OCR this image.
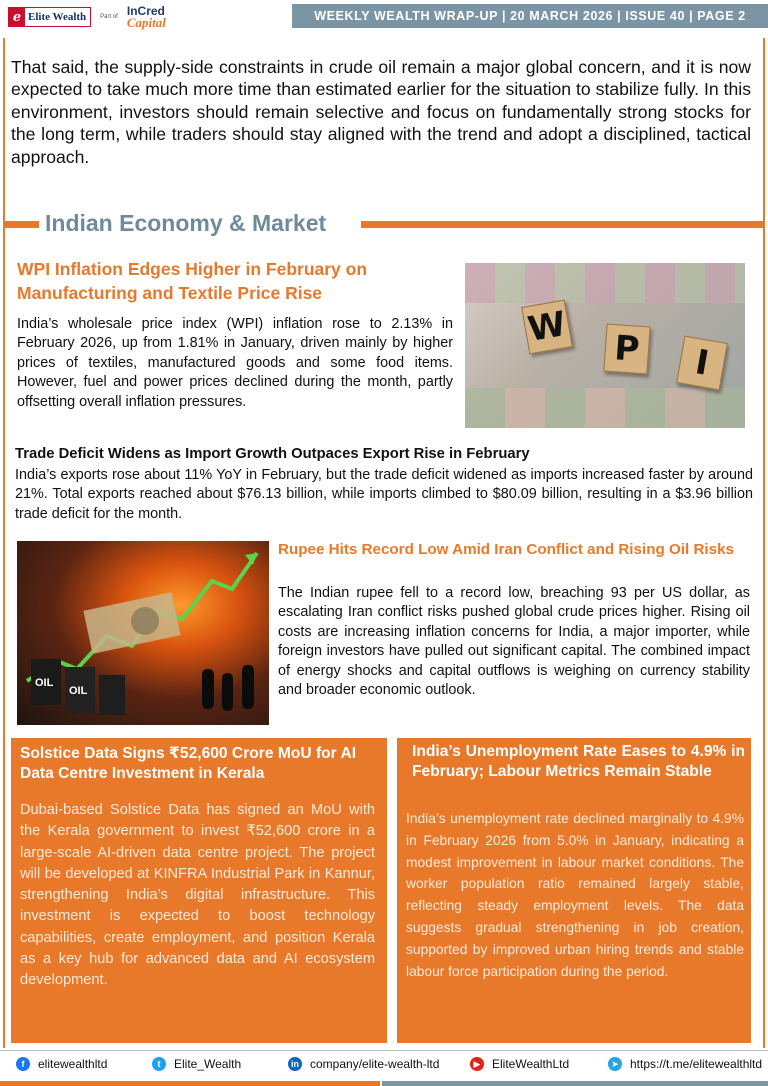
e Elite Wealth Part of InCred
Capital	WEEKLY WEALTH WRAP-UP | 20 MARCH 2026 | ISSUE 40 | PAGE 2

That said, the supply-side constraints in crude oil remain a major global concern, and it is now expected to take much more time than estimated earlier for the situation to stabilize fully. In this environment, investors should remain selective and focus on fundamentally strong stocks for the long term, while traders should stay aligned with the trend and adopt a disciplined, tactical approach.

Indian Economy & Market
WPI Inflation Edges Higher in February on Manufacturing and Textile Price Rise

India’s wholesale price index (WPI) inflation rose to 2.13% in February 2026, up from 1.81% in January, driven mainly by higher prices of textiles, manufactured goods and some food items. However, fuel and power prices declined during the month, partly offsetting overall inflation pressures.

W P	I
Trade Deficit Widens as Import Growth Outpaces Export Rise in February

India’s exports rose about 11% YoY in February, but the trade deficit widened as imports increased faster by around 21%. Total exports reached about $76.13 billion, while imports climbed to $80.09 billion, resulting in a $3.96 billion trade deficit for the month.

OIL
OIL
Rupee Hits Record Low Amid Iran Conflict and Rising Oil Risks

The Indian rupee fell to a record low, breaching 93 per US dollar, as escalating Iran conflict risks pushed global crude prices higher. Rising oil costs are increasing inflation concerns for India, a major importer, while foreign investors have pulled out significant capital. The combined impact of energy shocks and capital outflows is weighing on currency stability and broader economic outlook.

Solstice Data Signs ₹52,600 Crore MoU for AI Data Centre Investment in Kerala

Dubai-based Solstice Data has signed an MoU with the Kerala government to invest ₹52,600 crore in a large-scale AI-driven data centre project. The project will be developed at KINFRA Industrial Park in Kannur, strengthening India’s digital infrastructure. This investment is expected to boost technology capabilities, create employment, and position Kerala as a key hub for advanced data and AI ecosystem development.

India’s Unemployment Rate Eases to 4.9% in February; Labour Metrics Remain Stable

India’s unemployment rate declined marginally to 4.9% in February 2026 from 5.0% in January, indicating a modest improvement in labour market conditions. The worker population ratio remained largely stable, reflecting steady employment levels. The data suggests gradual strengthening in job creation, supported by improved urban hiring trends and stable labour force participation during the period.

f	elitewealthltd	t	Elite_Wealth	in company/elite-wealth-ltd	▶ EliteWealthLtd	➤ https://t.me/elitewealthltd
